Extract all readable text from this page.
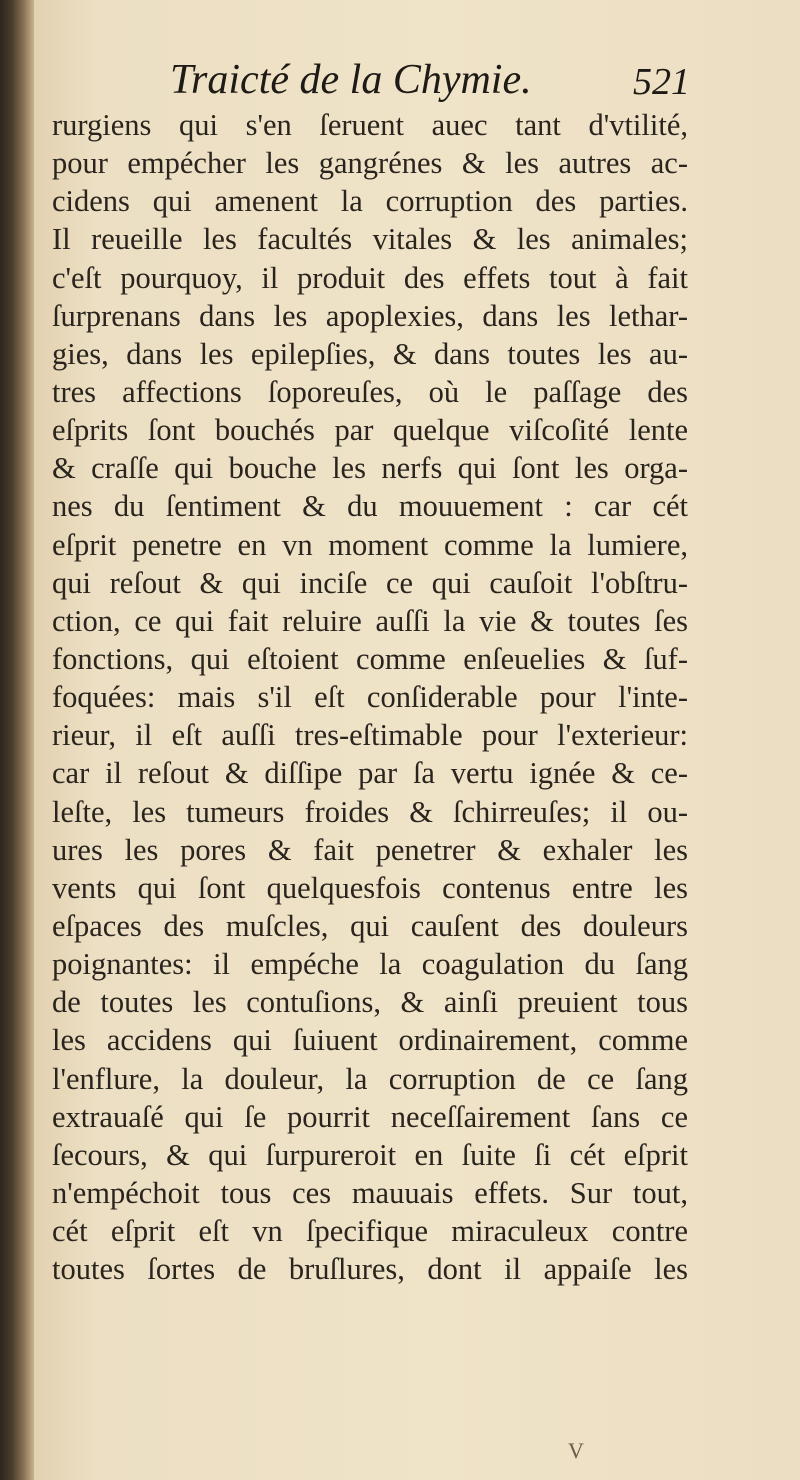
Traicté de la Chymie.	521
rurgiens qui s'en ſeruent auec tant d'vtilité,
pour empécher les gangrénes & les autres ac-
cidens qui amenent la corruption des parties.
Il reueille les facultés vitales & les animales;
c'eſt pourquoy, il produit des effets tout à fait
ſurprenans dans les apoplexies, dans les lethar-
gies, dans les epilepſies, & dans toutes les au-
tres affections ſoporeuſes, où le paſſage des
eſprits ſont bouchés par quelque viſcoſité lente
& craſſe qui bouche les nerfs qui ſont les orga-
nes du ſentiment & du mouuement : car cét
eſprit penetre en vn moment comme la lumiere,
qui reſout & qui inciſe ce qui cauſoit l'obſtru-
ction, ce qui fait reluire auſſi la vie & toutes ſes
fonctions, qui eſtoient comme enſeuelies & ſuf-
foquées: mais s'il eſt conſiderable pour l'inte-
rieur, il eſt auſſi tres-eſtimable pour l'exterieur:
car il reſout & diſſipe par ſa vertu ignée & ce-
leſte, les tumeurs froides & ſchirreuſes; il ou-
ures les pores & fait penetrer & exhaler les
vents qui ſont quelquesfois contenus entre les
eſpaces des muſcles, qui cauſent des douleurs
poignantes: il empéche la coagulation du ſang
de toutes les contuſions, & ainſi preuient tous
les accidens qui ſuiuent ordinairement, comme
l'enflure, la douleur, la corruption de ce ſang
extrauaſé qui ſe pourrit neceſſairement ſans ce
ſecours, & qui ſurpureroit en ſuite ſi cét eſprit
n'empéchoit tous ces mauuais effets. Sur tout,
cét eſprit eſt vn ſpecifique miraculeux contre
toutes ſortes de bruſlures, dont il appaiſe les
V
